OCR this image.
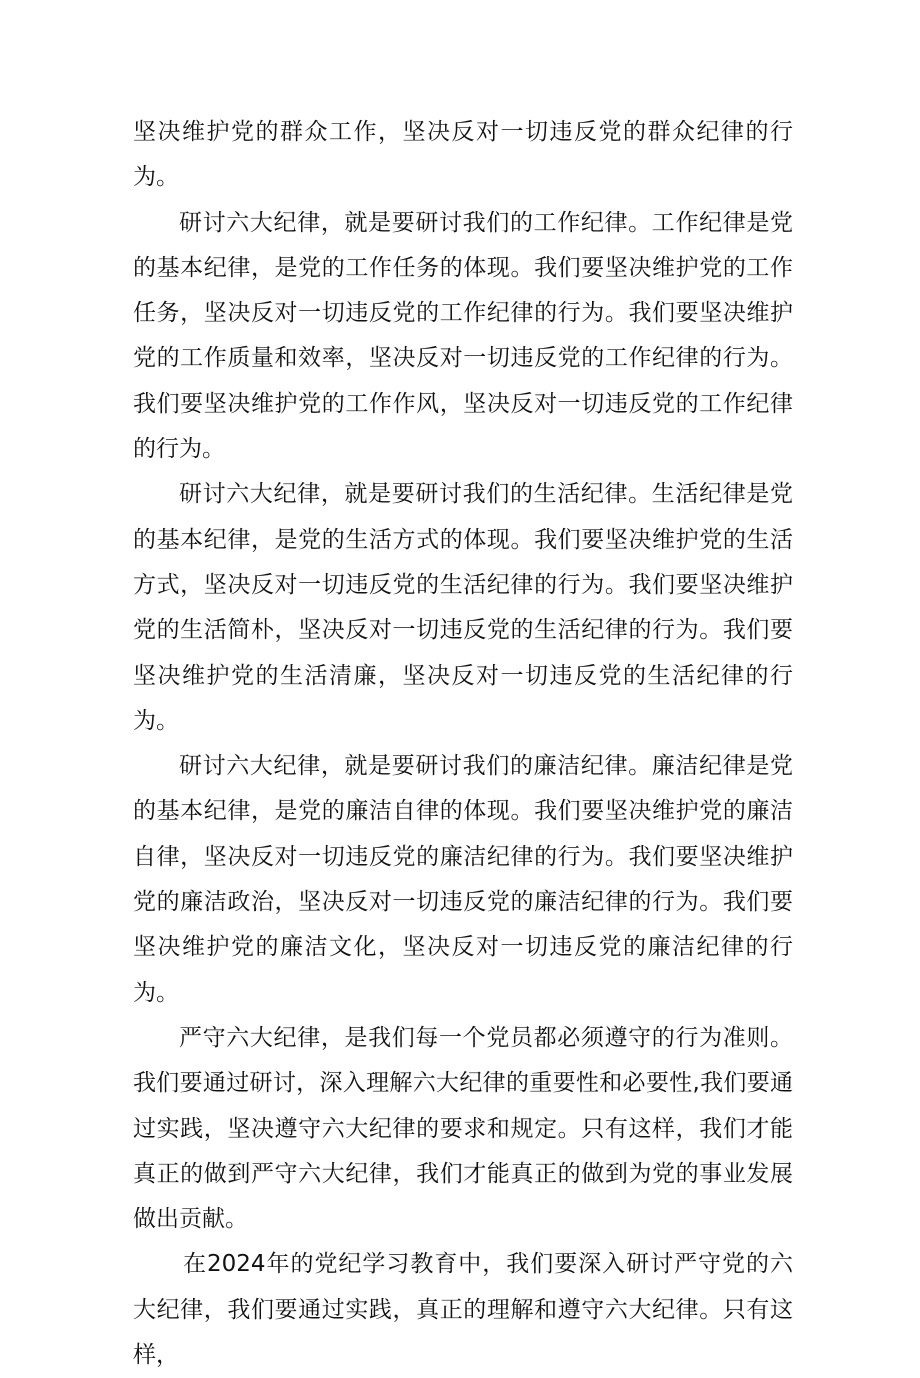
坚决维护党的群众工作，坚决反对一切违反党的群众纪律的行为。

研讨六大纪律，就是要研讨我们的工作纪律。工作纪律是党的基本纪律，是党的工作任务的体现。我们要坚决维护党的工作任务，坚决反对一切违反党的工作纪律的行为。我们要坚决维护党的工作质量和效率，坚决反对一切违反党的工作纪律的行为。我们要坚决维护党的工作作风，坚决反对一切违反党的工作纪律的行为。

研讨六大纪律，就是要研讨我们的生活纪律。生活纪律是党的基本纪律，是党的生活方式的体现。我们要坚决维护党的生活方式，坚决反对一切违反党的生活纪律的行为。我们要坚决维护党的生活简朴，坚决反对一切违反党的生活纪律的行为。我们要坚决维护党的生活清廉，坚决反对一切违反党的生活纪律的行为。

研讨六大纪律，就是要研讨我们的廉洁纪律。廉洁纪律是党的基本纪律，是党的廉洁自律的体现。我们要坚决维护党的廉洁自律，坚决反对一切违反党的廉洁纪律的行为。我们要坚决维护党的廉洁政治，坚决反对一切违反党的廉洁纪律的行为。我们要坚决维护党的廉洁文化，坚决反对一切违反党的廉洁纪律的行为。

严守六大纪律，是我们每一个党员都必须遵守的行为准则。我们要通过研讨，深入理解六大纪律的重要性和必要性,我们要通过实践，坚决遵守六大纪律的要求和规定。只有这样，我们才能真正的做到严守六大纪律，我们才能真正的做到为党的事业发展做出贡献。

在2024年的党纪学习教育中，我们要深入研讨严守党的六大纪律，我们要通过实践，真正的理解和遵守六大纪律。只有这样，
